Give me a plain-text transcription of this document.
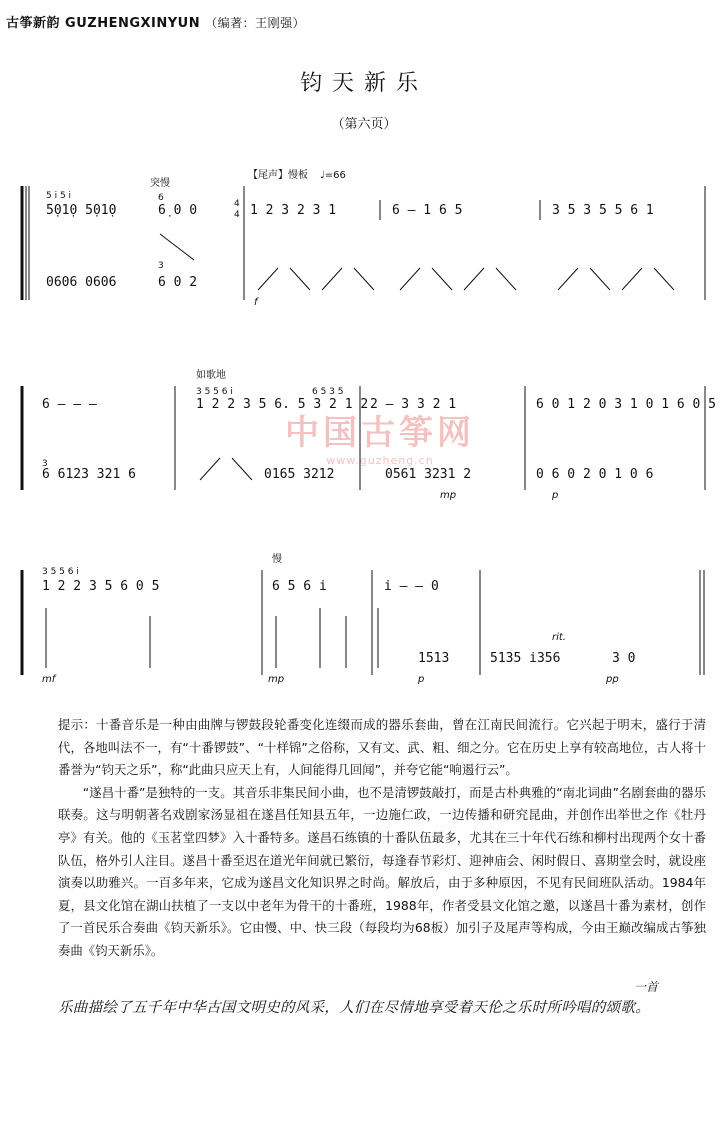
古筝新韵 GUZHENGXINYUN （编著：王刚强）
钧天新乐
（第六页）
中国古筝网
www.guzheng.cn
突慢
【尾声】慢板 ♩=66
5 i 5 i	6
5̣01̣0 5̣01̣0	6̣ 0 0	4
4 1 2 3 2 3 1	6 – 1 6 5	3 5 3 5 5 6 1
3
0606 0606	6 0 2
f
如歌地
6 – – –
3 5 5 6 i	6 5 3 5
1 2 2 3 5 6. 5 3 2 1 2 2 – 3 3 2 1	6 0 1 2 0 3 1 0 1 6 0 5
3
6 6123 321 6	0165 3212	0561 3231 2	0 6 0 2 0 1 0 6
mp	p
慢
3 5 5 6 i
1 2 2 3 5 6 0 5	6 5 6 i	i – – 0
rit.
1513	5135 i356	3 0
mf	mp	p	pp

提示：十番音乐是一种由曲牌与锣鼓段轮番变化连缀而成的器乐套曲，曾在江南民间流行。它兴起于明末，盛行于清代，各地叫法不一，有“十番锣鼓”、“十样锦”之俗称，又有文、武、粗、细之分。它在历史上享有较高地位，古人将十番誉为“钧天之乐”，称“此曲只应天上有，人间能得几回闻”，并夸它能“响遏行云”。

“遂昌十番”是独特的一支。其音乐非集民间小曲，也不是清锣鼓敲打，而是古朴典雅的“南北词曲”名剧套曲的器乐联奏。这与明朝著名戏剧家汤显祖在遂昌任知县五年，一边施仁政，一边传播和研究昆曲，并创作出举世之作《牡丹亭》有关。他的《玉茗堂四梦》入十番特多。遂昌石练镇的十番队伍最多，尤其在三十年代石练和柳村出现两个女十番队伍，格外引人注目。遂昌十番至迟在道光年间就已繁衍，每逢春节彩灯、迎神庙会、闲时假日、喜期堂会时，就设座演奏以助雅兴。一百多年来，它成为遂昌文化知识界之时尚。解放后，由于多种原因，不见有民间班队活动。1984年夏，县文化馆在湖山扶植了一支以中老年为骨干的十番班，1988年，作者受县文化馆之邀，以遂昌十番为素材，创作了一首民乐合奏曲《钧天新乐》。它由慢、中、快三段（每段均为68板）加引子及尾声等构成，今由王巅改编成古筝独奏曲《钧天新乐》。

一首
乐曲描绘了五千年中华古国文明史的风采，人们在尽情地享受着天伦之乐时所吟唱的颂歌。
